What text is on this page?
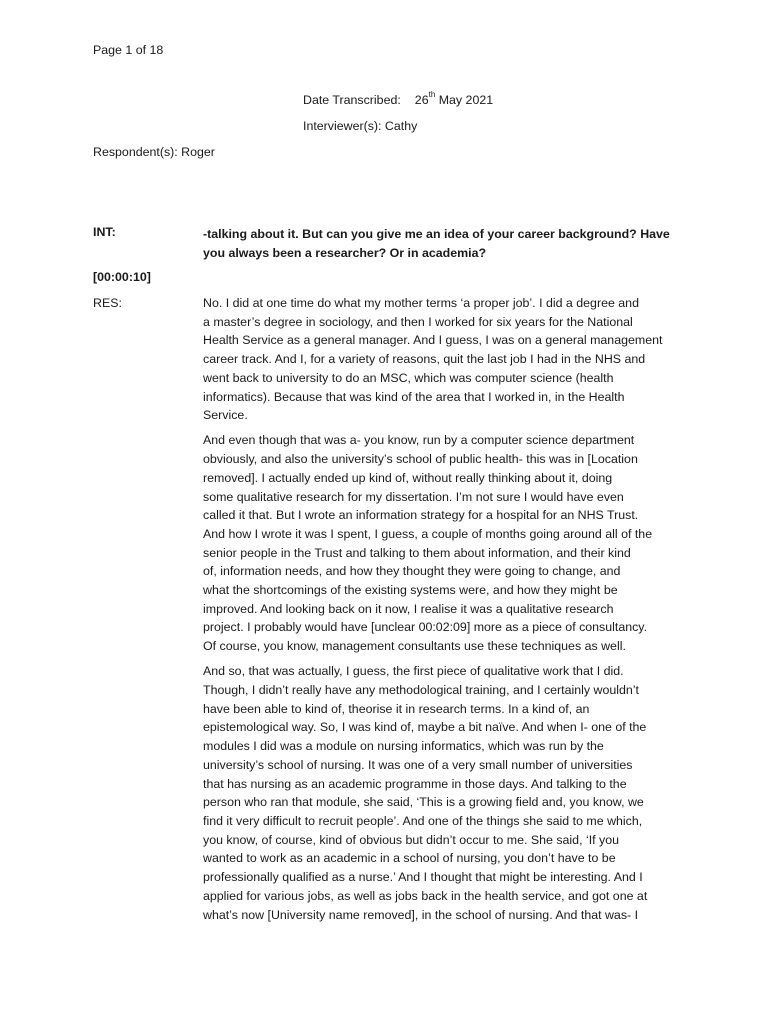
Page 1 of 18
Date Transcribed: 26th May 2021
Interviewer(s): Cathy
Respondent(s): Roger
INT:	-talking about it. But can you give me an idea of your career background? Have
you always been a researcher? Or in academia?
[00:00:10]
RES:	No. I did at one time do what my mother terms ‘a proper job’. I did a degree and
a master’s degree in sociology, and then I worked for six years for the National
Health Service as a general manager. And I guess, I was on a general management
career track. And I, for a variety of reasons, quit the last job I had in the NHS and
went back to university to do an MSC, which was computer science (health
informatics). Because that was kind of the area that I worked in, in the Health
Service.
And even though that was a- you know, run by a computer science department
obviously, and also the university’s school of public health- this was in [Location
removed]. I actually ended up kind of, without really thinking about it, doing
some qualitative research for my dissertation. I’m not sure I would have even
called it that. But I wrote an information strategy for a hospital for an NHS Trust.
And how I wrote it was I spent, I guess, a couple of months going around all of the
senior people in the Trust and talking to them about information, and their kind
of, information needs, and how they thought they were going to change, and
what the shortcomings of the existing systems were, and how they might be
improved. And looking back on it now, I realise it was a qualitative research
project. I probably would have [unclear 00:02:09] more as a piece of consultancy.
Of course, you know, management consultants use these techniques as well.
And so, that was actually, I guess, the first piece of qualitative work that I did.
Though, I didn’t really have any methodological training, and I certainly wouldn’t
have been able to kind of, theorise it in research terms. In a kind of, an
epistemological way. So, I was kind of, maybe a bit naïve. And when I- one of the
modules I did was a module on nursing informatics, which was run by the
university’s school of nursing. It was one of a very small number of universities
that has nursing as an academic programme in those days. And talking to the
person who ran that module, she said, ‘This is a growing field and, you know, we
find it very difficult to recruit people’. And one of the things she said to me which,
you know, of course, kind of obvious but didn’t occur to me. She said, ‘If you
wanted to work as an academic in a school of nursing, you don’t have to be
professionally qualified as a nurse.’ And I thought that might be interesting. And I
applied for various jobs, as well as jobs back in the health service, and got one at
what’s now [University name removed], in the school of nursing. And that was- I
